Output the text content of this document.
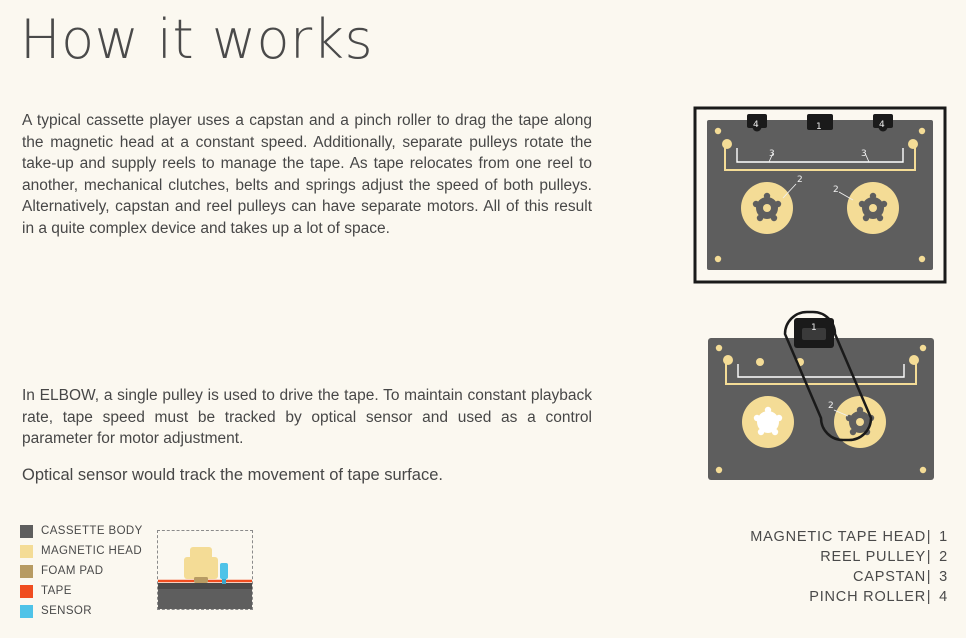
How it works
A typical cassette player uses a capstan and a pinch roller to drag the tape along the magnetic head at a constant speed. Additionally, separate pulleys rotate the take-up and supply reels to manage the tape. As tape relocates from one reel to another, mechanical clutches, belts and springs adjust the speed of both pulleys. Alternatively, capstan and reel pulleys can have separate motors. All of this result in a quite complex device and takes up a lot of space.
In ELBOW, a single pulley is used to drive the tape. To maintain constant playback rate, tape speed must be tracked by optical sensor and used as a control parameter for motor adjustment.
Optical sensor would track the movement of tape surface.
4	1	4
3	3
2
2
1
2
CASSETTE BODY
MAGNETIC HEAD
FOAM PAD
TAPE
SENSOR
MAGNETIC TAPE HEAD| 1
REEL PULLEY| 2
CAPSTAN| 3
PINCH ROLLER| 4
